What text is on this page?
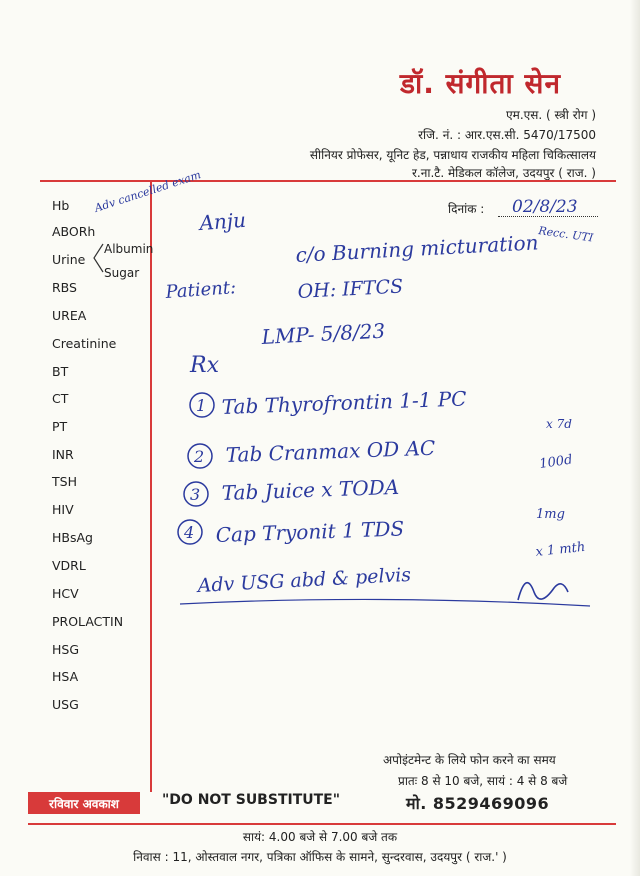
डॉ. संगीता सेन
एम.एस. ( स्त्री रोग )
रजि. नं. : आर.एस.सी. 5470/17500
सीनियर प्रोफेसर, यूनिट हेड, पन्नाधाय राजकीय महिला चिकित्सालय
र.ना.टै. मेडिकल कॉलेज, उदयपुर ( राज. )
दिनांक :
Hb
ABORh
Urine
Albumin
Sugar
RBS
UREA
Creatinine
BT
CT
PT
INR
TSH
HIV
HBsAg
VDRL
HCV
PROLACTIN
HSG
HSA
USG
Adv cancelled exam	02/8/23
Recc. UTI
Anju
c/o Burning micturation
Patient:	OH: IFTCS
LMP- 5/8/23
Rx
1 Tab Thyrofrontin 1-1 PC
x 7d
2 Tab Cranmax OD AC	100d
3 Tab Juice x TODA
1mg
4 Cap Tryonit 1 TDS
x 1 mth
Adv USG abd & pelvis
अपोइंटमेन्ट के लिये फोन करने का समय
प्रातः 8 से 10 बजे, सायं : 4 से 8 बजे
मो. 8529469096
रविवार अवकाश	"DO NOT SUBSTITUTE"
सायं: 4.00 बजे से 7.00 बजे तक
निवास : 11, ओस्तवाल नगर, पत्रिका ऑफिस के सामने, सुन्दरवास, उदयपुर ( राज.' )
